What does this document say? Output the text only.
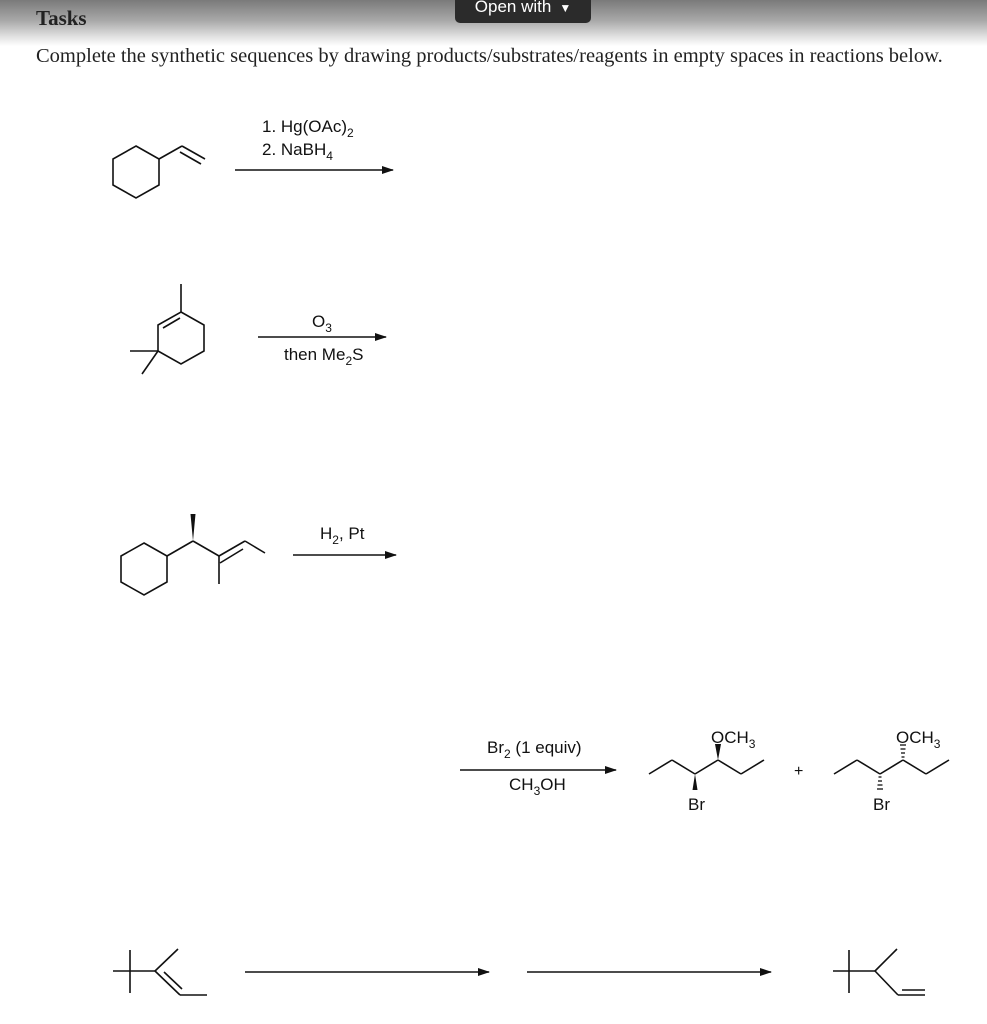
Open with ▼
Tasks
Complete the synthetic sequences by drawing products/substrates/reagents in empty spaces in reactions below.
1. $Hg(OAc)_2$
2. NaBH$_4$
$O_3$
then $Me_2S$
$H_2$, Pt
$Br_2$ (1 equiv)
$CH_3OH$
$OCH_3$
Br
+
$OCH_3$
Br
